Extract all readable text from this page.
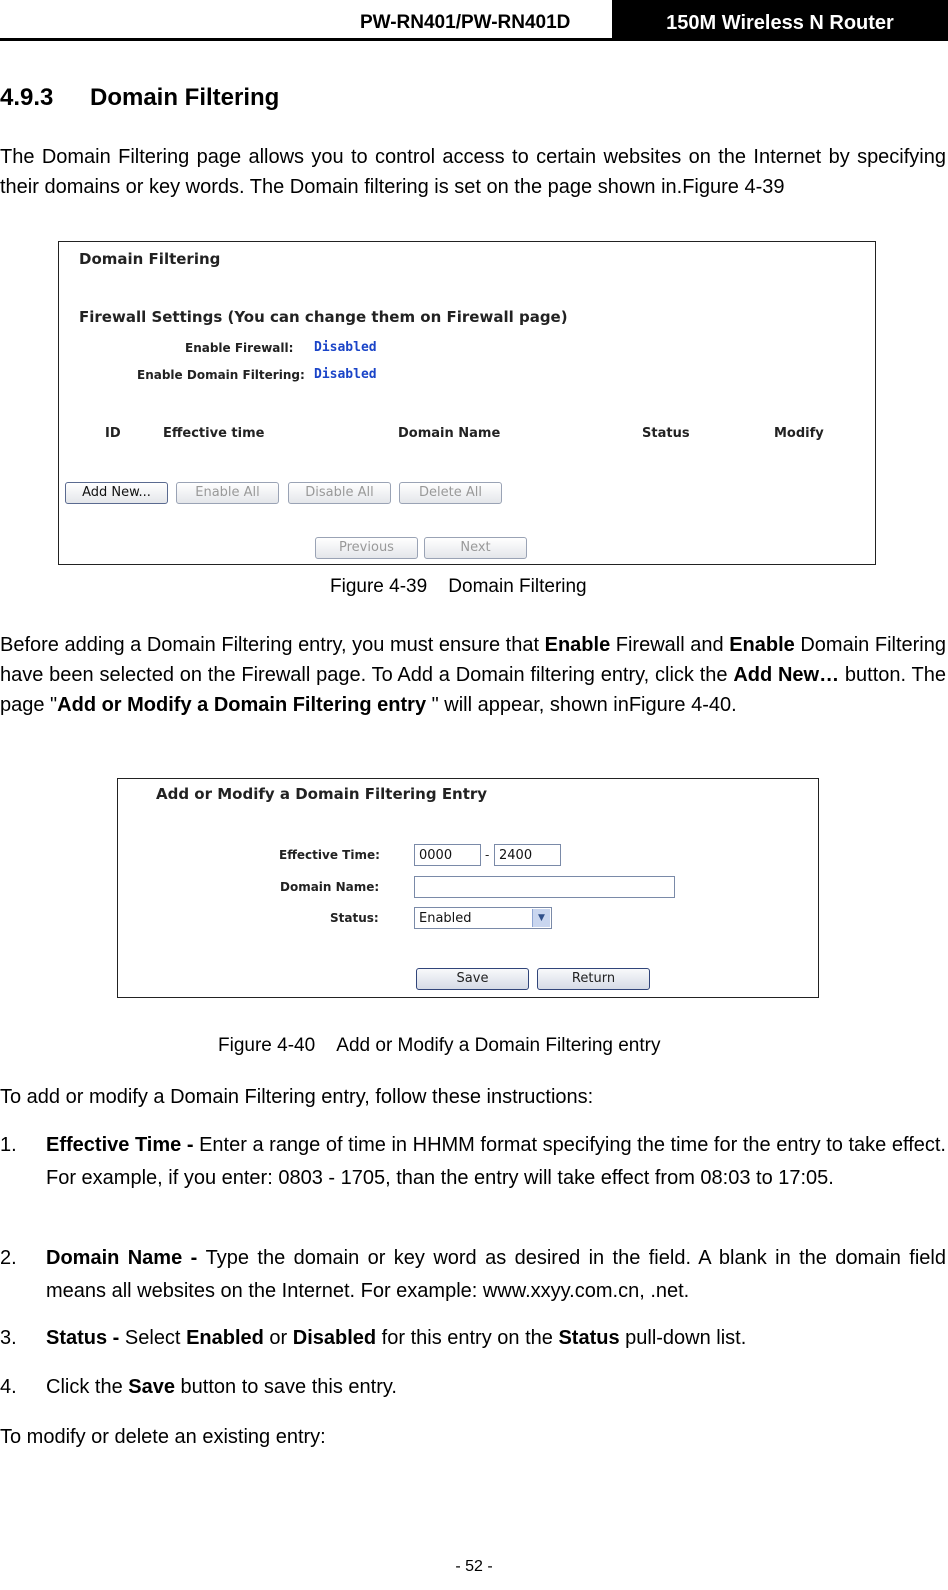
PW-RN401/PW-RN401D	150M Wireless N Router
4.9.3 Domain Filtering

The Domain Filtering page allows you to control access to certain websites on the Internet by specifying their domains or key words. The Domain filtering is set on the page shown in.Figure 4-39

Domain Filtering
Firewall Settings (You can change them on Firewall page)
Enable Firewall: Disabled
Enable Domain Filtering: Disabled
ID	Effective time	Domain Name	Status	Modify
Add New...	Enable All	Disable All	Delete All
Previous	Next
Figure 4-39 Domain Filtering

Before adding a Domain Filtering entry, you must ensure that Enable Firewall and Enable Domain Filtering have been selected on the Firewall page. To Add a Domain filtering entry, click the Add New… button. The page "Add or Modify a Domain Filtering entry " will appear, shown inFigure 4-40.

Add or Modify a Domain Filtering Entry
Effective Time:	0000	- 2400
Domain Name:
Status:	Enabled	▼
Save	Return
Figure 4-40 Add or Modify a Domain Filtering entry

To add or modify a Domain Filtering entry, follow these instructions:

1. Effective Time - Enter a range of time in HHMM format specifying the time for the entry to take effect. For example, if you enter: 0803 - 1705, than the entry will take effect from 08:03 to 17:05.
2. Domain Name - Type the domain or key word as desired in the field. A blank in the domain field means all websites on the Internet. For example: www.xxyy.com.cn, .net.
3. Status - Select Enabled or Disabled for this entry on the Status pull-down list.
4. Click the Save button to save this entry.

To modify or delete an existing entry:

- 52 -
